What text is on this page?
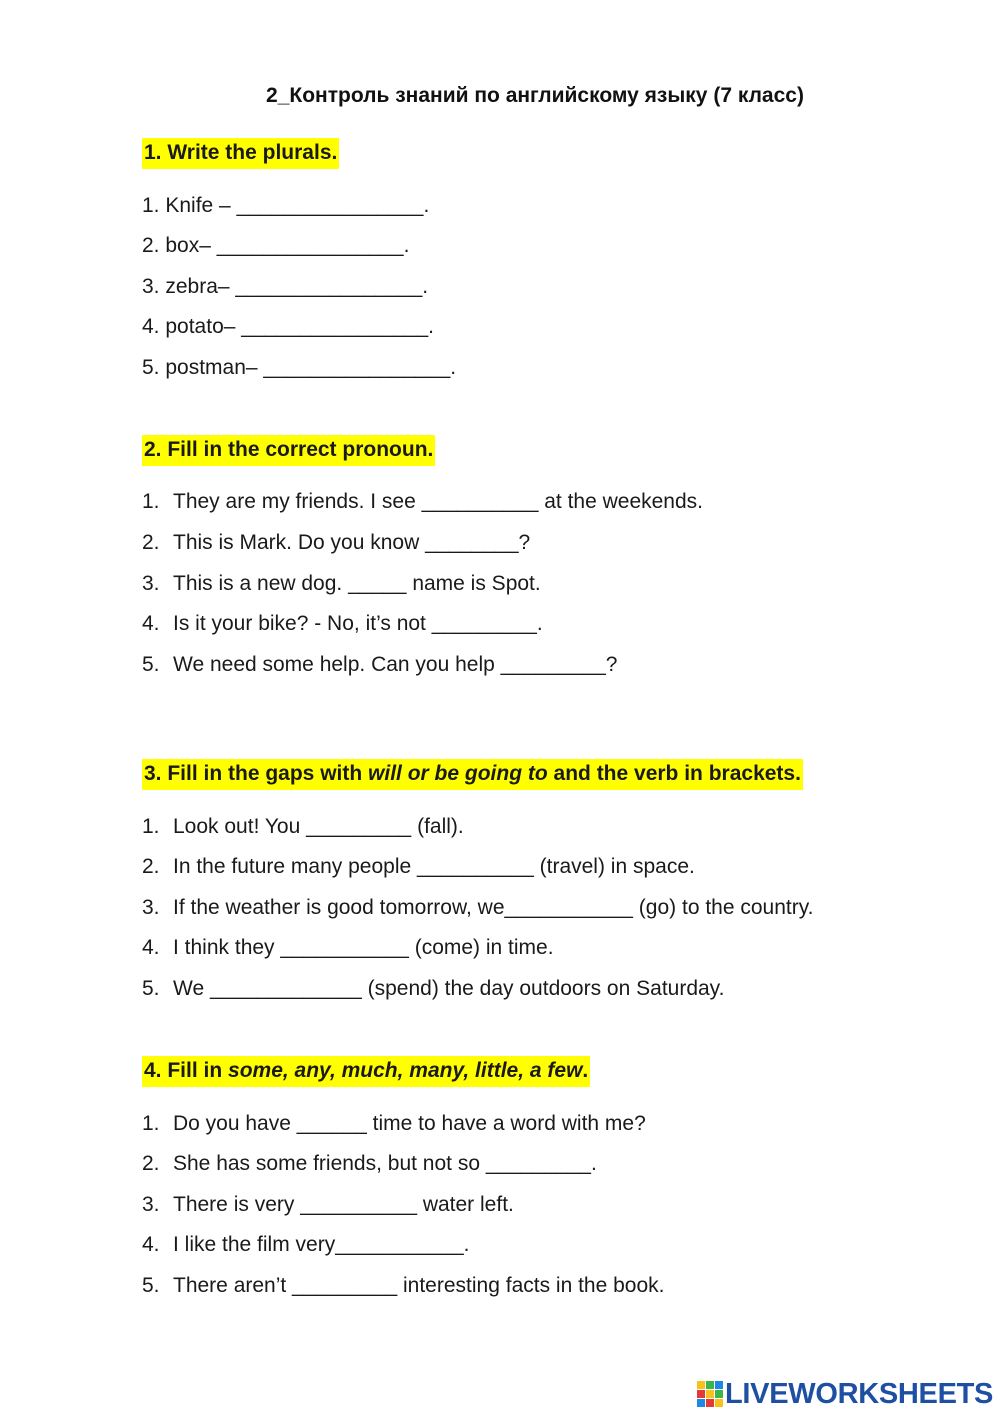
2_Контроль знаний по английскому языку (7 класс)
1. Write the plurals.
1. Knife – ________________.
2. box– ________________.
3. zebra– ________________.
4. potato– ________________.
5. postman– ________________.
2. Fill in the correct pronoun.
1. They are my friends. I see __________ at the weekends.
2. This is Mark. Do you know ________?
3. This is a new dog. _____ name is Spot.
4. Is it your bike? - No, it’s not _________.
5. We need some help. Can you help _________?
3. Fill in the gaps with will or be going to and the verb in brackets.
1. Look out! You _________ (fall).
2. In the future many people __________ (travel) in space.
3. If the weather is good tomorrow, we___________ (go) to the country.
4. I think they ___________ (come) in time.
5. We _____________ (spend) the day outdoors on Saturday.
4. Fill in some, any, much, many, little, a few.
1. Do you have ______ time to have a word with me?
2. She has some friends, but not so _________.
3. There is very __________ water left.
4. I like the film very___________.
5. There aren’t _________ interesting facts in the book.
LIVEWORKSHEETS
